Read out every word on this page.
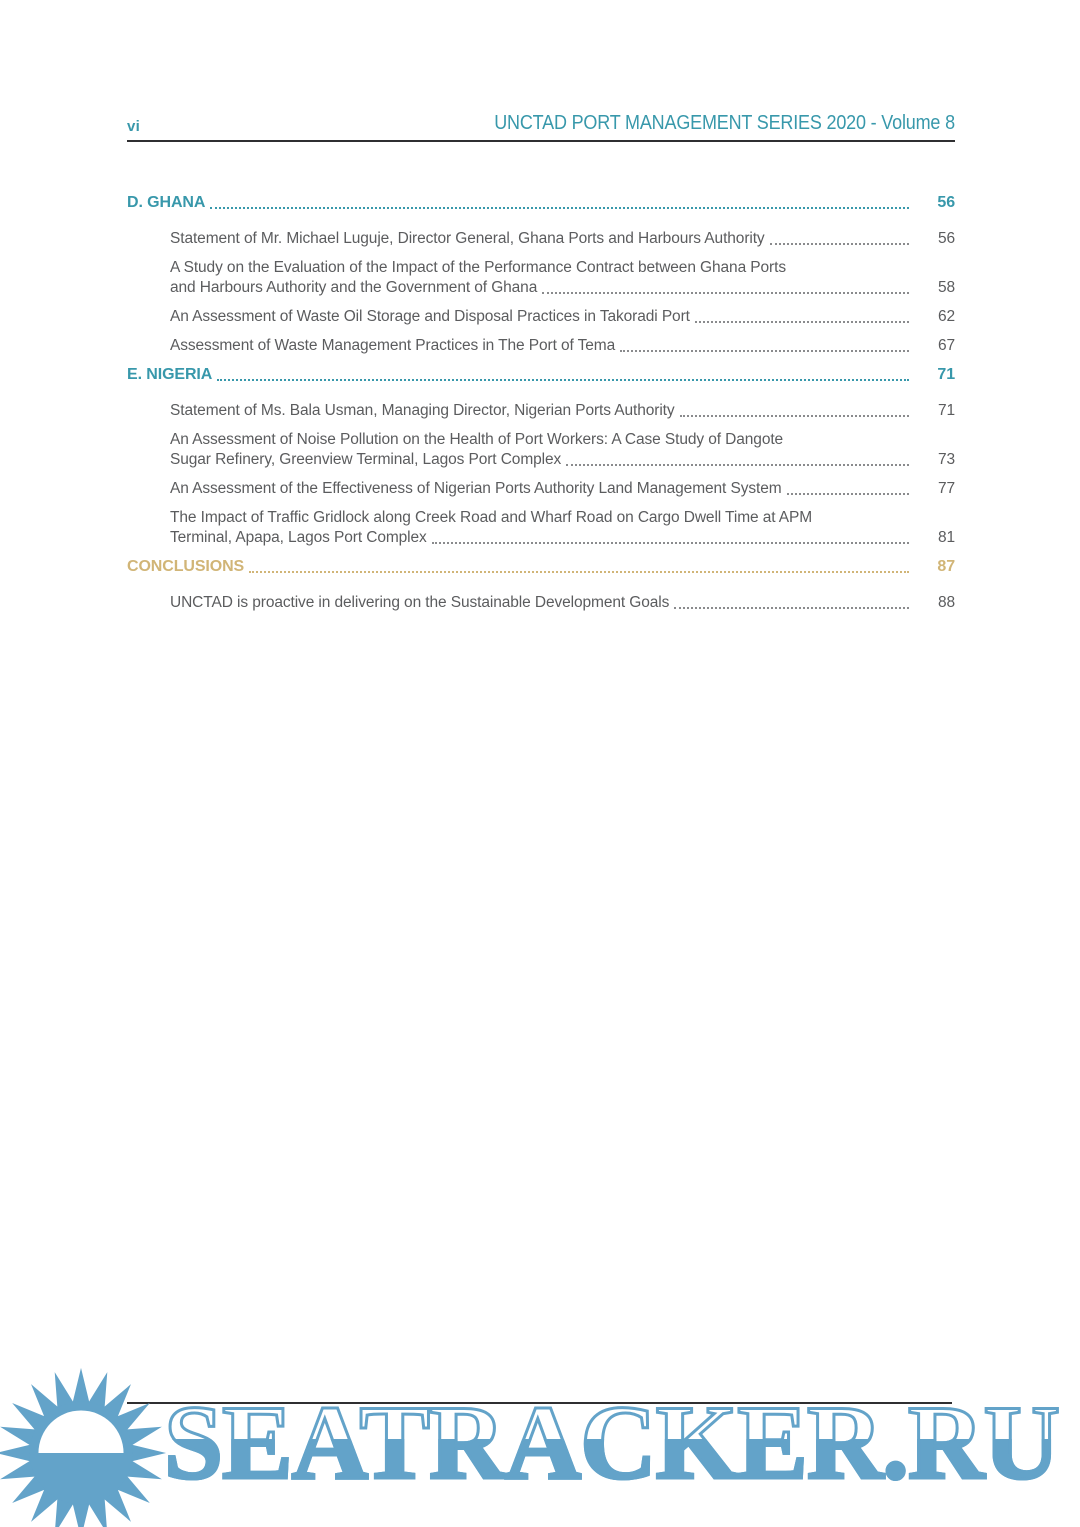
vi	UNCTAD PORT MANAGEMENT SERIES 2020 - Volume 8
D. GHANA	56
Statement of Mr. Michael Luguje, Director General, Ghana Ports and Harbours Authority	56
A Study on the Evaluation of the Impact of the Performance Contract between Ghana Ports
and Harbours Authority and the Government of Ghana	58
An Assessment of Waste Oil Storage and Disposal Practices in Takoradi Port	62
Assessment of Waste Management Practices in The Port of Tema	67
E. NIGERIA	71
Statement of Ms. Bala Usman, Managing Director, Nigerian Ports Authority	71
An Assessment of Noise Pollution on the Health of Port Workers: A Case Study of Dangote
Sugar Refinery, Greenview Terminal, Lagos Port Complex	73
An Assessment of the Effectiveness of Nigerian Ports Authority Land Management System	77
The Impact of Traffic Gridlock along Creek Road and Wharf Road on Cargo Dwell Time at APM
Terminal, Apapa, Lagos Port Complex	81
CONCLUSIONS	87
UNCTAD is proactive in delivering on the Sustainable Development Goals	88
SEATRACKER.RU
